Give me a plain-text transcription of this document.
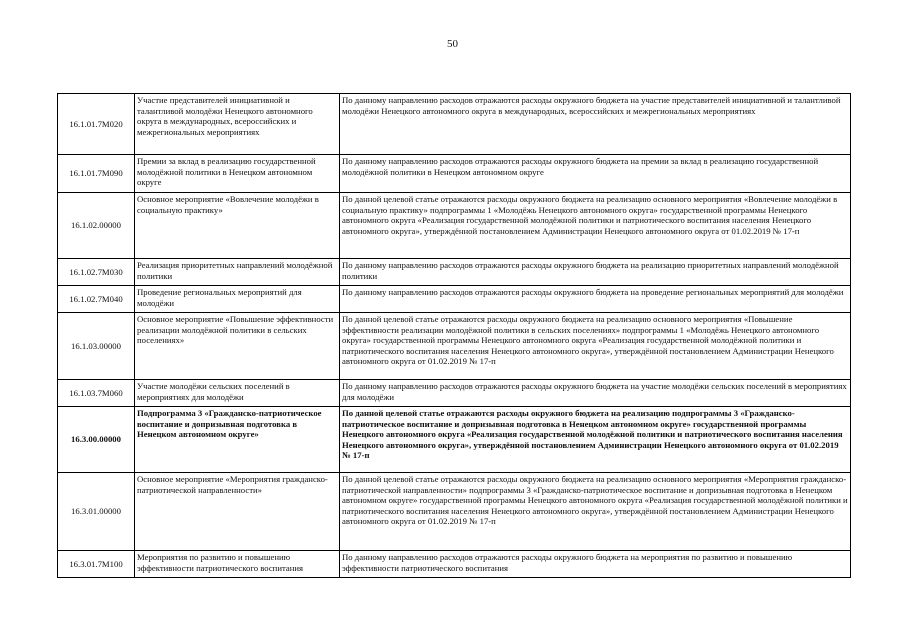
50
16.1.01.7М020	Участие представителей инициативной и талантливой молодёжи Ненецкого автономного округа в международных, всероссийских и межрегиональных мероприятиях	По данному направлению расходов отражаются расходы окружного бюджета на участие представителей инициативной и талантливой молодёжи Ненецкого автономного округа в международных, всероссийских и межрегиональных мероприятиях
16.1.01.7М090	Премии за вклад в реализацию государственной молодёжной политики в Ненецком автономном округе	По данному направлению расходов отражаются расходы окружного бюджета на премии за вклад в реализацию государственной молодёжной политики в Ненецком автономном округе
16.1.02.00000	Основное мероприятие «Вовлечение молодёжи в социальную практику»	По данной целевой статье отражаются расходы окружного бюджета на реализацию основного мероприятия «Вовлечение молодёжи в социальную практику» подпрограммы 1 «Молодёжь Ненецкого автономного округа» государственной программы Ненецкого автономного округа «Реализация государственной молодёжной политики и патриотического воспитания населения Ненецкого автономного округа», утверждённой постановлением Администрации Ненецкого автономного округа от 01.02.2019 № 17-п
16.1.02.7М030	Реализация приоритетных направлений молодёжной политики	По данному направлению расходов отражаются расходы окружного бюджета на реализацию приоритетных направлений молодёжной политики
16.1.02.7М040	Проведение региональных мероприятий для молодёжи	По данному направлению расходов отражаются расходы окружного бюджета на проведение региональных мероприятий для молодёжи
16.1.03.00000	Основное мероприятие «Повышение эффективности реализации молодёжной политики в сельских поселениях»	По данной целевой статье отражаются расходы окружного бюджета на реализацию основного мероприятия «Повышение эффективности реализации молодёжной политики в сельских поселениях» подпрограммы 1 «Молодёжь Ненецкого автономного округа» государственной программы Ненецкого автономного округа «Реализация государственной молодёжной политики и патриотического воспитания населения Ненецкого автономного округа», утверждённой постановлением Администрации Ненецкого автономного округа от 01.02.2019 № 17-п
16.1.03.7М060	Участие молодёжи сельских поселений в мероприятиях для молодёжи	По данному направлению расходов отражаются расходы окружного бюджета на участие молодёжи сельских поселений в мероприятиях для молодёжи
16.3.00.00000	Подпрограмма 3 «Гражданско-патриотическое воспитание и допризывная подготовка в Ненецком автономном округе»	По данной целевой статье отражаются расходы окружного бюджета на реализацию подпрограммы 3 «Гражданско-патриотическое воспитание и допризывная подготовка в Ненецком автономном округе» государственной программы Ненецкого автономного округа «Реализация государственной молодёжной политики и патриотического воспитания населения Ненецкого автономного округа», утверждённой постановлением Администрации Ненецкого автономного округа от 01.02.2019 № 17-п
16.3.01.00000	Основное мероприятие «Мероприятия гражданско-патриотической направленности»	По данной целевой статье отражаются расходы окружного бюджета на реализацию основного мероприятия «Мероприятия гражданско-патриотической направленности» подпрограммы 3 «Гражданско-патриотическое воспитание и допризывная подготовка в Ненецком автономном округе» государственной программы Ненецкого автономного округа «Реализация государственной молодёжной политики и патриотического воспитания населения Ненецкого автономного округа», утверждённой постановлением Администрации Ненецкого автономного округа от 01.02.2019 № 17-п
16.3.01.7М100	Мероприятия по развитию и повышению эффективности патриотического воспитания	По данному направлению расходов отражаются расходы окружного бюджета на мероприятия по развитию и повышению эффективности патриотического воспитания
